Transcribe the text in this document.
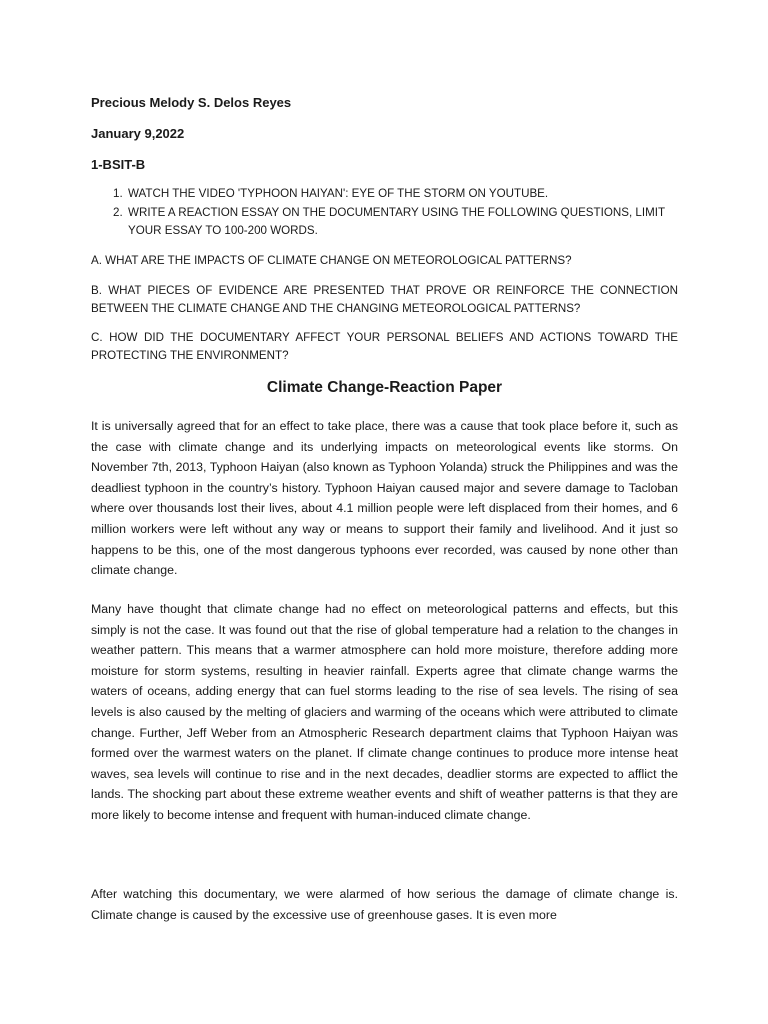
Precious Melody S. Delos Reyes
January 9,2022
1-BSIT-B
1. WATCH THE VIDEO 'TYPHOON HAIYAN': EYE OF THE STORM ON YOUTUBE.
2. WRITE A REACTION ESSAY ON THE DOCUMENTARY USING THE FOLLOWING QUESTIONS, LIMIT YOUR ESSAY TO 100-200 WORDS.

A. WHAT ARE THE IMPACTS OF CLIMATE CHANGE ON METEOROLOGICAL PATTERNS?

B. WHAT PIECES OF EVIDENCE ARE PRESENTED THAT PROVE OR REINFORCE THE CONNECTION BETWEEN THE CLIMATE CHANGE AND THE CHANGING METEOROLOGICAL PATTERNS?

C. HOW DID THE DOCUMENTARY AFFECT YOUR PERSONAL BELIEFS AND ACTIONS TOWARD THE PROTECTING THE ENVIRONMENT?

Climate Change-Reaction Paper

It is universally agreed that for an effect to take place, there was a cause that took place before it, such as the case with climate change and its underlying impacts on meteorological events like storms. On November 7th, 2013, Typhoon Haiyan (also known as Typhoon Yolanda) struck the Philippines and was the deadliest typhoon in the country’s history. Typhoon Haiyan caused major and severe damage to Tacloban where over thousands lost their lives, about 4.1 million people were left displaced from their homes, and 6 million workers were left without any way or means to support their family and livelihood. And it just so happens to be this, one of the most dangerous typhoons ever recorded, was caused by none other than climate change.

Many have thought that climate change had no effect on meteorological patterns and effects, but this simply is not the case. It was found out that the rise of global temperature had a relation to the changes in weather pattern. This means that a warmer atmosphere can hold more moisture, therefore adding more moisture for storm systems, resulting in heavier rainfall. Experts agree that climate change warms the waters of oceans, adding energy that can fuel storms leading to the rise of sea levels. The rising of sea levels is also caused by the melting of glaciers and warming of the oceans which were attributed to climate change. Further, Jeff Weber from an Atmospheric Research department claims that Typhoon Haiyan was formed over the warmest waters on the planet. If climate change continues to produce more intense heat waves, sea levels will continue to rise and in the next decades, deadlier storms are expected to afflict the lands. The shocking part about these extreme weather events and shift of weather patterns is that they are more likely to become intense and frequent with human-induced climate change.

After watching this documentary, we were alarmed of how serious the damage of climate change is. Climate change is caused by the excessive use of greenhouse gases. It is even more
